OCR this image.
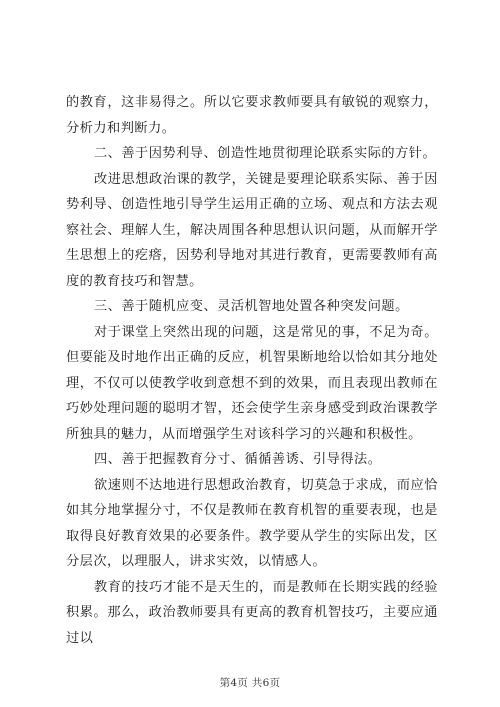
的教育，这非易得之。所以它要求教师要具有敏锐的观察力，分析力和判断力。

二、善于因势利导、创造性地贯彻理论联系实际的方针。

改进思想政治课的教学，关键是要理论联系实际、善于因势利导、创造性地引导学生运用正确的立场、观点和方法去观察社会、理解人生，解决周围各种思想认识问题，从而解开学生思想上的疙瘩，因势利导地对其进行教育，更需要教师有高度的教育技巧和智慧。

三、善于随机应变、灵活机智地处置各种突发问题。

对于课堂上突然出现的问题，这是常见的事，不足为奇。但要能及时地作出正确的反应，机智果断地给以恰如其分地处理，不仅可以使教学收到意想不到的效果，而且表现出教师在巧妙处理问题的聪明才智，还会使学生亲身感受到政治课教学所独具的魅力，从而增强学生对该科学习的兴趣和积极性。

四、善于把握教育分寸、循循善诱、引导得法。

欲速则不达地进行思想政治教育，切莫急于求成，而应恰如其分地掌握分寸，不仅是教师在教育机智的重要表现，也是取得良好教育效果的必要条件。教学要从学生的实际出发，区分层次，以理服人，讲求实效，以情感人。

教育的技巧才能不是天生的，而是教师在长期实践的经验积累。那么，政治教师要具有更高的教育机智技巧，主要应通过以

第4页 共6页
